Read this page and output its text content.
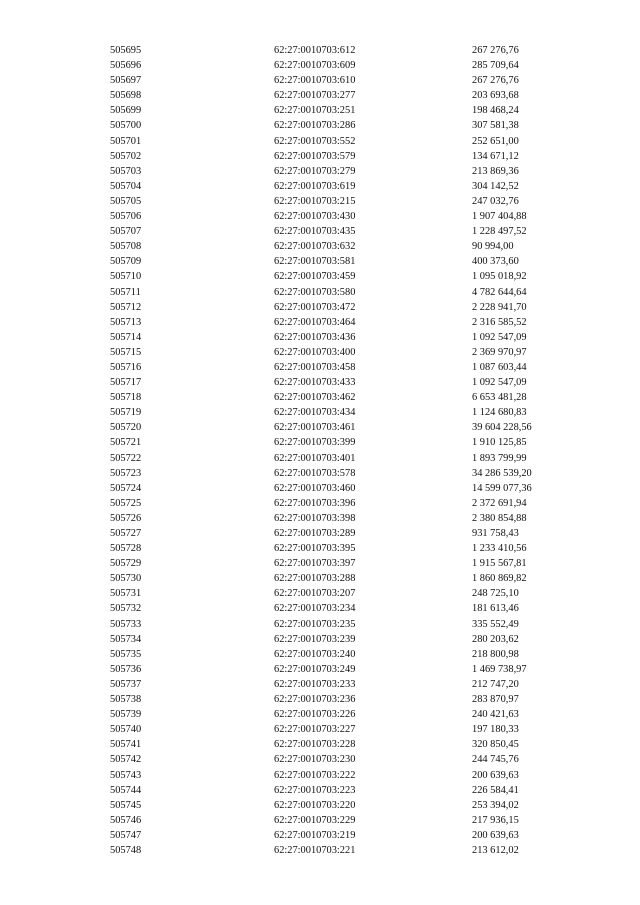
505695	62:27:0010703:612	267 276,76
505696	62:27:0010703:609	285 709,64
505697	62:27:0010703:610	267 276,76
505698	62:27:0010703:277	203 693,68
505699	62:27:0010703:251	198 468,24
505700	62:27:0010703:286	307 581,38
505701	62:27:0010703:552	252 651,00
505702	62:27:0010703:579	134 671,12
505703	62:27:0010703:279	213 869,36
505704	62:27:0010703:619	304 142,52
505705	62:27:0010703:215	247 032,76
505706	62:27:0010703:430	1 907 404,88
505707	62:27:0010703:435	1 228 497,52
505708	62:27:0010703:632	90 994,00
505709	62:27:0010703:581	400 373,60
505710	62:27:0010703:459	1 095 018,92
505711	62:27:0010703:580	4 782 644,64
505712	62:27:0010703:472	2 228 941,70
505713	62:27:0010703:464	2 316 585,52
505714	62:27:0010703:436	1 092 547,09
505715	62:27:0010703:400	2 369 970,97
505716	62:27:0010703:458	1 087 603,44
505717	62:27:0010703:433	1 092 547,09
505718	62:27:0010703:462	6 653 481,28
505719	62:27:0010703:434	1 124 680,83
505720	62:27:0010703:461	39 604 228,56
505721	62:27:0010703:399	1 910 125,85
505722	62:27:0010703:401	1 893 799,99
505723	62:27:0010703:578	34 286 539,20
505724	62:27:0010703:460	14 599 077,36
505725	62:27:0010703:396	2 372 691,94
505726	62:27:0010703:398	2 380 854,88
505727	62:27:0010703:289	931 758,43
505728	62:27:0010703:395	1 233 410,56
505729	62:27:0010703:397	1 915 567,81
505730	62:27:0010703:288	1 860 869,82
505731	62:27:0010703:207	248 725,10
505732	62:27:0010703:234	181 613,46
505733	62:27:0010703:235	335 552,49
505734	62:27:0010703:239	280 203,62
505735	62:27:0010703:240	218 800,98
505736	62:27:0010703:249	1 469 738,97
505737	62:27:0010703:233	212 747,20
505738	62:27:0010703:236	283 870,97
505739	62:27:0010703:226	240 421,63
505740	62:27:0010703:227	197 180,33
505741	62:27:0010703:228	320 850,45
505742	62:27:0010703:230	244 745,76
505743	62:27:0010703:222	200 639,63
505744	62:27:0010703:223	226 584,41
505745	62:27:0010703:220	253 394,02
505746	62:27:0010703:229	217 936,15
505747	62:27:0010703:219	200 639,63
505748	62:27:0010703:221	213 612,02
